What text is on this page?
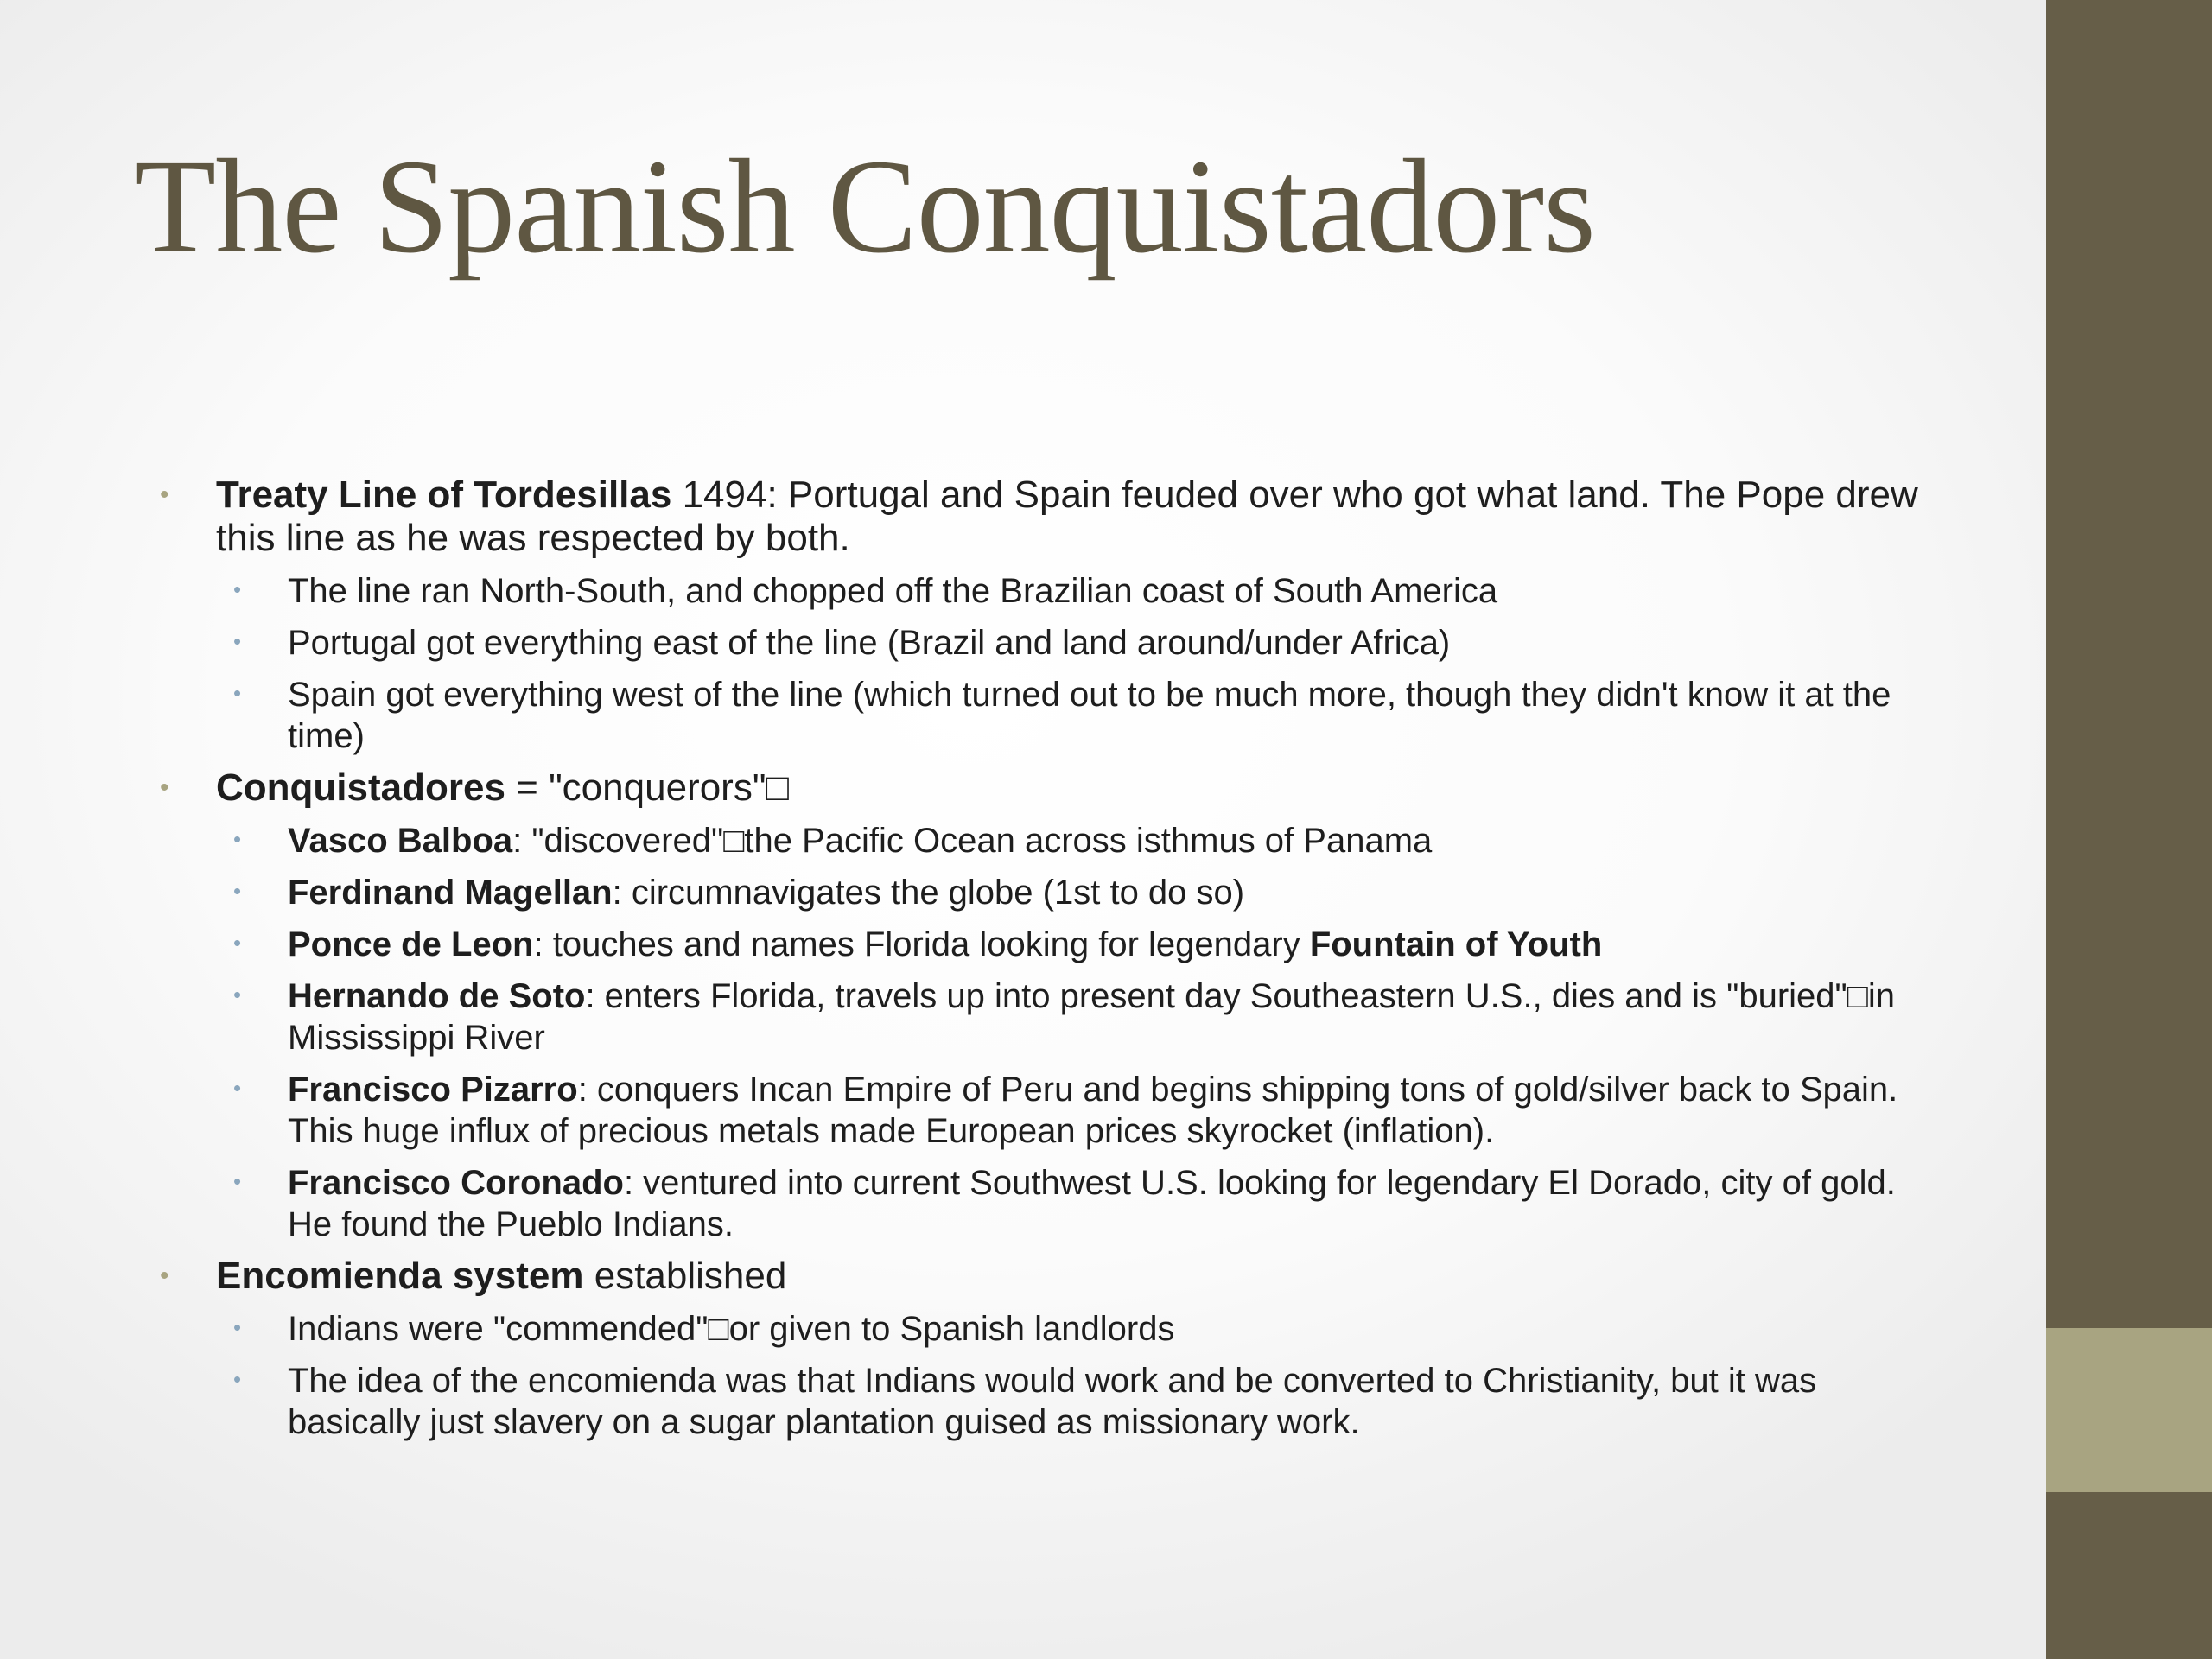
The Spanish Conquistadors
• Treaty Line of Tordesillas 1494: Portugal and Spain feuded over who got what land. The Pope drew this line as he was respected by both.
• The line ran North-South, and chopped off the Brazilian coast of South America
• Portugal got everything east of the line (Brazil and land around/under Africa)
• Spain got everything west of the line (which turned out to be much more, though they didn't know it at the time)
• Conquistadores = "conquerors"□
• Vasco Balboa: "discovered"□the Pacific Ocean across isthmus of Panama
• Ferdinand Magellan: circumnavigates the globe (1st to do so)
• Ponce de Leon: touches and names Florida looking for legendary Fountain of Youth
• Hernando de Soto: enters Florida, travels up into present day Southeastern U.S., dies and is "buried"□in Mississippi River
• Francisco Pizarro: conquers Incan Empire of Peru and begins shipping tons of gold/silver back to Spain. This huge influx of precious metals made European prices skyrocket (inflation).
• Francisco Coronado: ventured into current Southwest U.S. looking for legendary El Dorado, city of gold. He found the Pueblo Indians.
• Encomienda system established
• Indians were "commended"□or given to Spanish landlords
• The idea of the encomienda was that Indians would work and be converted to Christianity, but it was basically just slavery on a sugar plantation guised as missionary work.
